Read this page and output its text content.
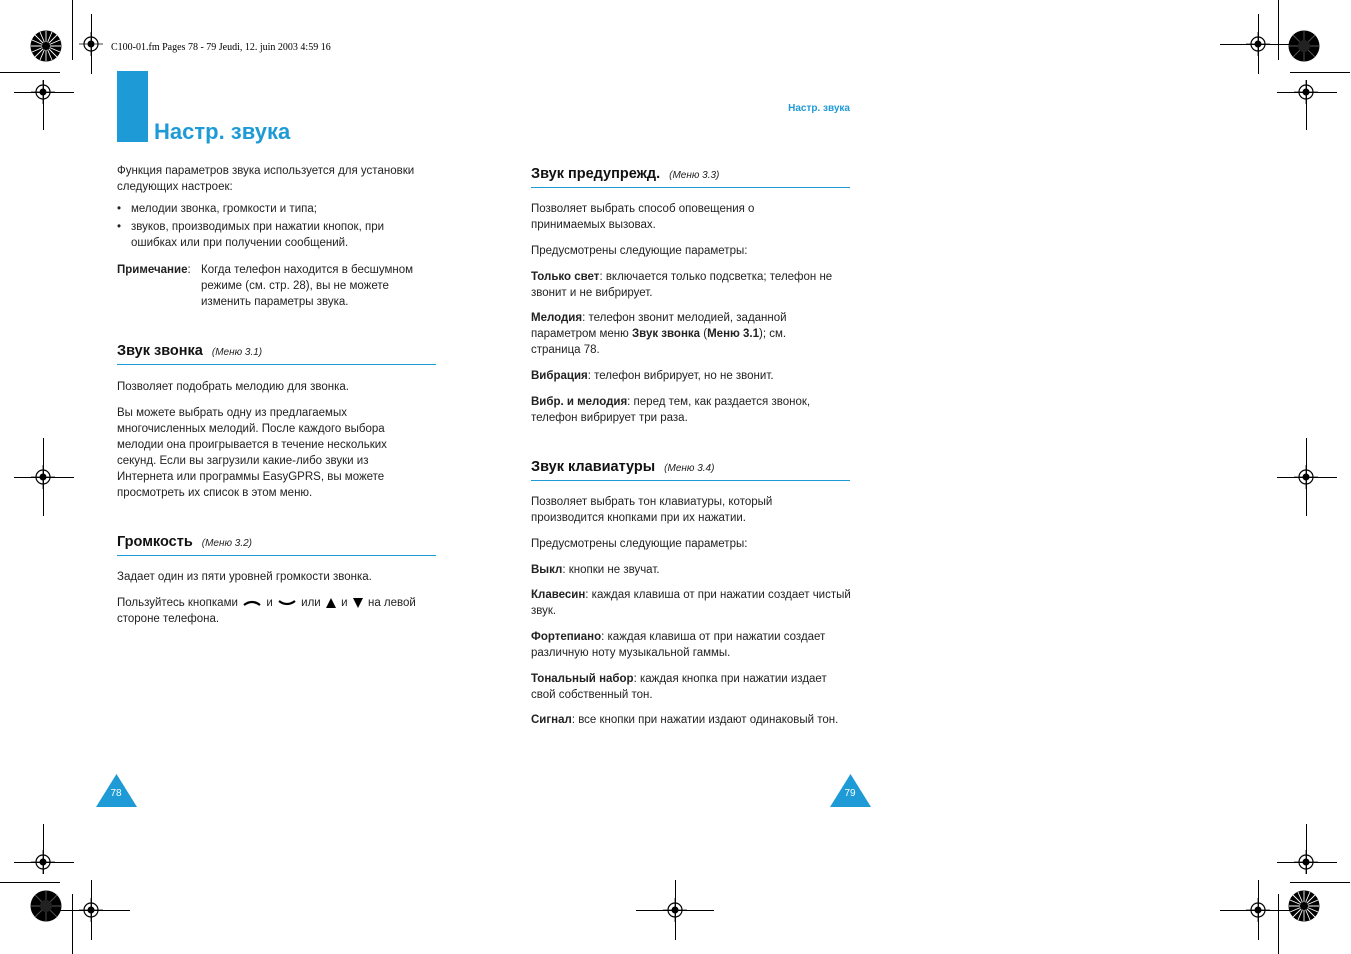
C100-01.fm Pages 78 - 79 Jeudi, 12. juin 2003 4:59 16
Настр. звука

Функция параметров звука используется для установки следующих настроек:

• мелодии звонка, громкости и типа;
• звуков, производимых при нажатии кнопок, при ошибках или при получении сообщений.
Примечание: Когда телефон находится в бесшумном режиме (см. стр. 28), вы не можете изменить параметры звука.
Звук звонка (Меню 3.1)

Позволяет подобрать мелодию для звонка.

Вы можете выбрать одну из предлагаемых многочисленных мелодий. После каждого выбора мелодии она проигрывается в течение нескольких секунд. Если вы загрузили какие-либо звуки из Интернета или программы EasyGPRS, вы можете просмотреть их список в этом меню.

Громкость (Меню 3.2)

Задает один из пяти уровней громкости звонка.

Пользуйтесь кнопками и или и на левой стороне телефона.

78
Настр. звука
Звук предупрежд. (Меню 3.3)

Позволяет выбрать способ оповещения о принимаемых вызовах.

Предусмотрены следующие параметры:

Только свет: включается только подсветка; телефон не звонит и не вибрирует.

Мелодия: телефон звонит мелодией, заданной параметром меню Звук звонка (Меню 3.1); см. страница 78.

Вибрация: телефон вибрирует, но не звонит.

Вибр. и мелодия: перед тем, как раздается звонок, телефон вибрирует три раза.

Звук клавиатуры (Меню 3.4)

Позволяет выбрать тон клавиатуры, который производится кнопками при их нажатии.

Предусмотрены следующие параметры:

Выкл: кнопки не звучат.

Клавесин: каждая клавиша от при нажатии создает чистый звук.

Фортепиано: каждая клавиша от при нажатии создает различную ноту музыкальной гаммы.

Тональный набор: каждая кнопка при нажатии издает свой собственный тон.

Сигнал: все кнопки при нажатии издают одинаковый тон.

79
